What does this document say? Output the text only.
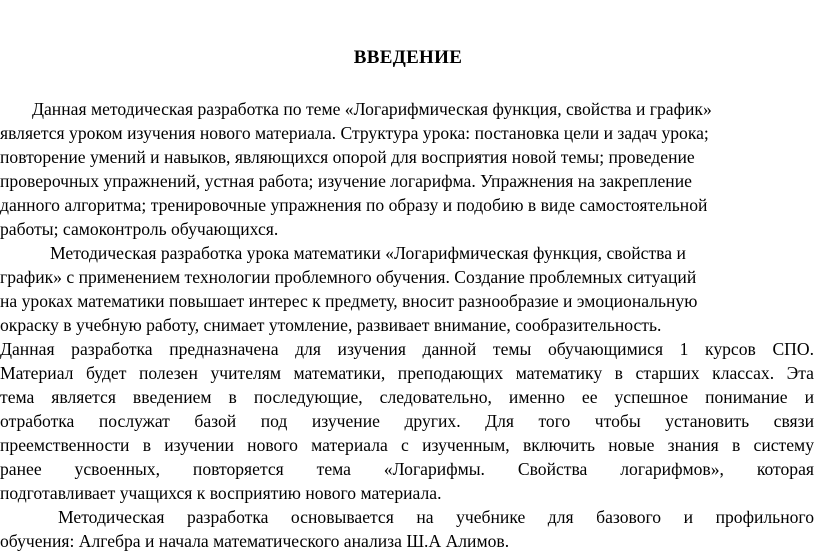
ВВЕДЕНИЕ
Данная методическая разработка по теме «Логарифмическая функция, свойства и график»
является уроком изучения нового материала. Структура урока: постановка цели и задач урока;
повторение умений и навыков, являющихся опорой для восприятия новой темы; проведение
проверочных упражнений, устная работа; изучение логарифма. Упражнения на закрепление
данного алгоритма; тренировочные упражнения по образу и подобию в виде самостоятельной
работы; самоконтроль обучающихся.
Методическая разработка урока математики «Логарифмическая функция, свойства и
график» с применением технологии проблемного обучения. Создание проблемных ситуаций
на уроках математики повышает интерес к предмету, вносит разнообразие и эмоциональную
окраску в учебную работу, снимает утомление, развивает внимание, сообразительность.
Данная разработка предназначена для изучения данной темы обучающимися 1 курсов СПО.
Материал будет полезен учителям математики, преподающих математику в старших классах. Эта
тема является введением в последующие, следовательно, именно ее успешное понимание и
отработка послужат базой под изучение других. Для того чтобы установить связи
преемственности в изучении нового материала с изученным, включить новые знания в систему
ранее усвоенных, повторяется тема «Логарифмы. Свойства логарифмов», которая
подготавливает учащихся к восприятию нового материала.
Методическая разработка основывается на учебнике для базового и профильного
обучения: Алгебра и начала математического анализа Ш.А Алимов.
